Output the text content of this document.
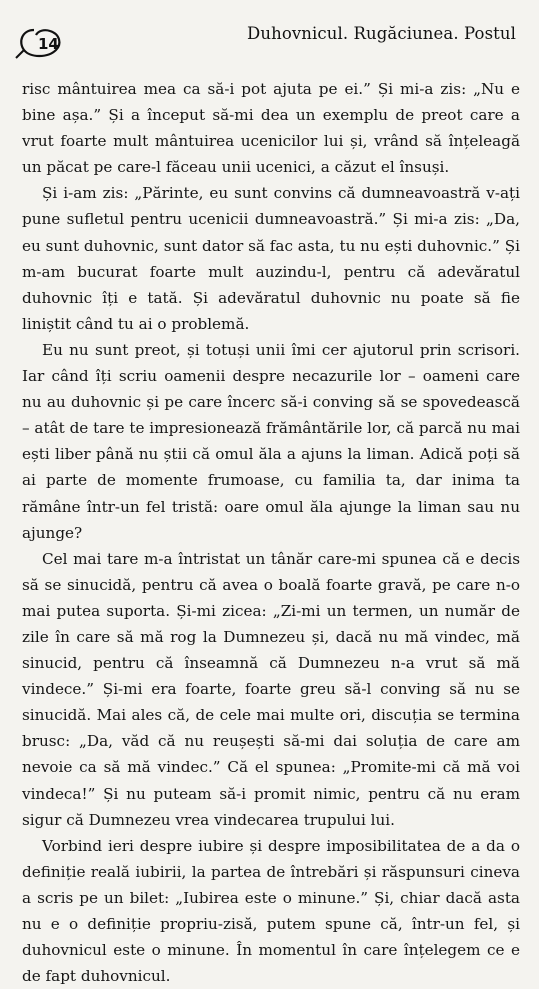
14
Duhovnicul. Rugăciunea. Postul

risc mântuirea mea ca să-i pot ajuta pe ei.” Și mi-a zis: „Nu e bine așa.” Și a început să-mi dea un exemplu de preot care a vrut foarte mult mântuirea ucenicilor lui și, vrând să înțeleagă un păcat pe care-l făceau unii ucenici, a căzut el însuși.

Și i-am zis: „Părinte, eu sunt convins că dumneavoastră v-ați pune sufletul pentru ucenicii dumneavoastră.” Și mi-a zis: „Da, eu sunt duhovnic, sunt dator să fac asta, tu nu ești duhovnic.” Și m-am bucurat foarte mult auzindu-l, pentru că adevăratul duhovnic îți e tată. Și adevăratul duhovnic nu poate să fie liniștit când tu ai o problemă.

Eu nu sunt preot, și totuși unii îmi cer ajutorul prin scrisori. Iar când îți scriu oamenii despre necazurile lor – oameni care nu au duhovnic și pe care încerc să-i conving să se spovedească – atât de tare te impresionează frământările lor, că parcă nu mai ești liber până nu știi că omul ăla a ajuns la liman. Adică poți să ai parte de momente frumoase, cu familia ta, dar inima ta rămâne într-un fel tristă: oare omul ăla ajunge la liman sau nu ajunge?

Cel mai tare m-a întristat un tânăr care-mi spunea că e decis să se sinucidă, pentru că avea o boală foarte gravă, pe care n-o mai putea suporta. Și-mi zicea: „Zi-mi un termen, un număr de zile în care să mă rog la Dumnezeu și, dacă nu mă vindec, mă sinucid, pentru că înseamnă că Dumnezeu n-a vrut să mă vindece.” Și-mi era foarte, foarte greu să-l conving să nu se sinucidă. Mai ales că, de cele mai multe ori, discuția se termina brusc: „Da, văd că nu reușești să-mi dai soluția de care am nevoie ca să mă vindec.” Că el spunea: „Promite-mi că mă voi vindeca!” Și nu puteam să-i promit nimic, pentru că nu eram sigur că Dumnezeu vrea vindecarea trupului lui.

Vorbind ieri despre iubire și despre imposibilitatea de a da o definiție reală iubirii, la partea de întrebări și răspunsuri cineva a scris pe un bilet: „Iubirea este o minune.” Și, chiar dacă asta nu e o definiție propriu-zisă, putem spune că, într-un fel, și duhovnicul este o minune. În momentul în care înțelegem ce e de fapt duhovnicul.
